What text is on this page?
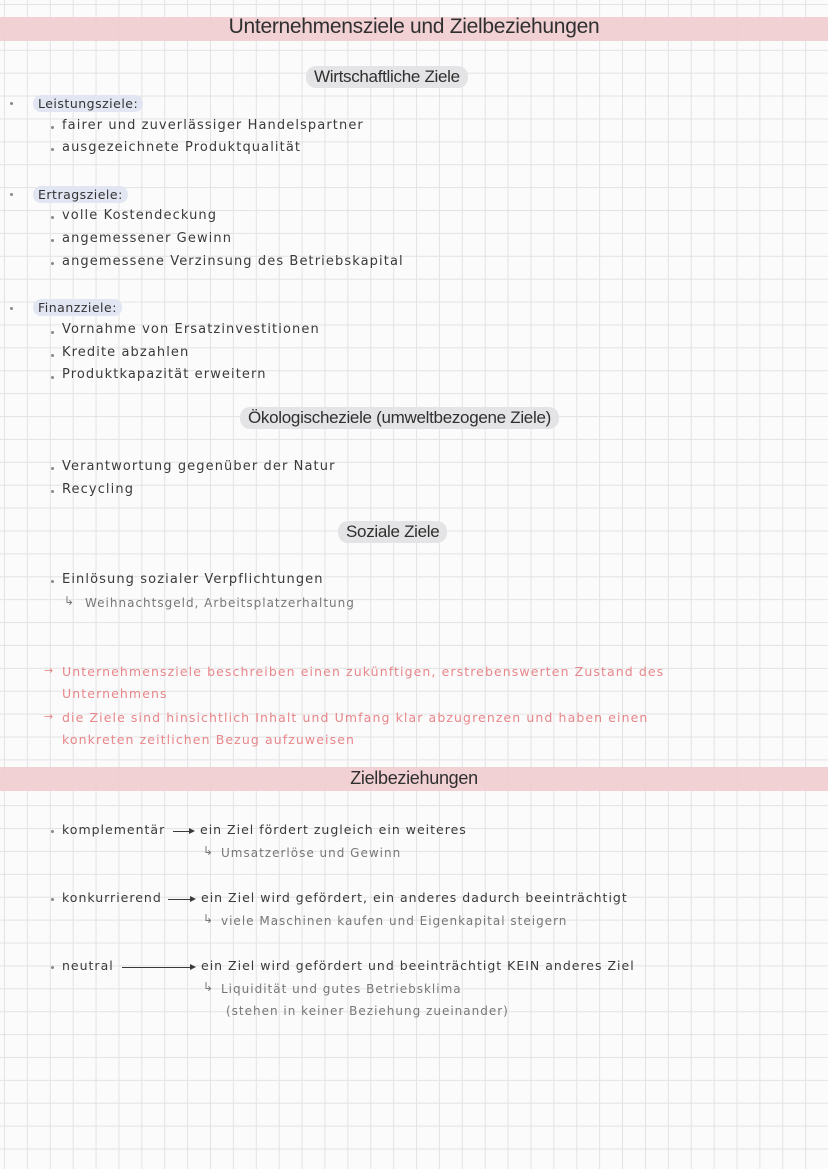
Unternehmensziele und Zielbeziehungen
Wirtschaftliche Ziele
Leistungsziele:
fairer und zuverlässiger Handelspartner
ausgezeichnete Produktqualität
Ertragsziele:
volle Kostendeckung
angemessener Gewinn
angemessene Verzinsung des Betriebskapital
Finanzziele:
Vornahme von Ersatzinvestitionen
Kredite abzahlen
Produktkapazität erweitern
Ökologischeziele (umweltbezogene Ziele)
Verantwortung gegenüber der Natur
Recycling
Soziale Ziele
Einlösung sozialer Verpflichtungen
↳ Weihnachtsgeld, Arbeitsplatzerhaltung
→ Unternehmensziele beschreiben einen zukünftigen, erstrebenswerten Zustand des
Unternehmens
→ die Ziele sind hinsichtlich Inhalt und Umfang klar abzugrenzen und haben einen
konkreten zeitlichen Bezug aufzuweisen
Zielbeziehungen
komplementär	ein Ziel fördert zugleich ein weiteres
↳ Umsatzerlöse und Gewinn
konkurrierend	ein Ziel wird gefördert, ein anderes dadurch beeinträchtigt
↳ viele Maschinen kaufen und Eigenkapital steigern
neutral	ein Ziel wird gefördert und beeinträchtigt KEIN anderes Ziel
↳ Liquidität und gutes Betriebsklima
(stehen in keiner Beziehung zueinander)
